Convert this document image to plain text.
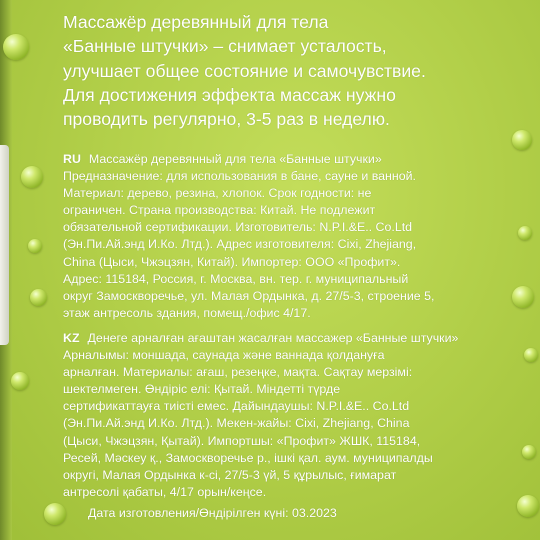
Массажёр деревянный для тела
«Банные штучки» – снимает усталость,
улучшает общее состояние и самочувствие.
Для достижения эффекта массаж нужно
проводить регулярно, 3-5 раз в неделю.
RU Массажёр деревянный для тела «Банные штучки»
Предназначение: для использования в бане, сауне и ванной.
Материал: дерево, резина, хлопок. Срок годности: не
ограничен. Страна производства: Китай. Не подлежит
обязательной сертификации. Изготовитель: N.P.I.&E.. Co.Ltd
(Эн.Пи.Ай.энд И.Ко. Лтд.). Адрес изготовителя: Cixi, Zhejiang,
China (Цыси, Чжэцзян, Китай). Импортер: ООО «Профит».
Адрес: 115184, Россия, г. Москва, вн. тер. г. муниципальный
округ Замоскворечье, ул. Малая Ордынка, д. 27/5-3, строение 5,
этаж антресоль здания, помещ./офис 4/17.
KZ Денеге арналған ағаштан жасалған массажер «Банные штучки»
Арналымы: моншада, саунада және ваннада қолдануға
арналған. Материалы: ағаш, резеңке, мақта. Сақтау мерзімі:
шектелмеген. Өндіріс елі: Қытай. Міндетті түрде
сертификаттауға тиісті емес. Дайындаушы: N.P.I.&E.. Co.Ltd
(Эн.Пи.Ай.энд И.Ко. Лтд.). Мекен-жайы: Cixi, Zhejiang, China
(Цыси, Чжэцзян, Қытай). Импортшы: «Профит» ЖШК, 115184,
Ресей, Мәскеу қ., Замоскворечье р., ішкі қал. аум. муниципалды
округі, Малая Ордынка к-сі, 27/5-3 үй, 5 құрылыс, ғимарат
антресолі қабаты, 4/17 орын/кеңсе.
Дата изготовления/Өндірілген күні: 03.2023
